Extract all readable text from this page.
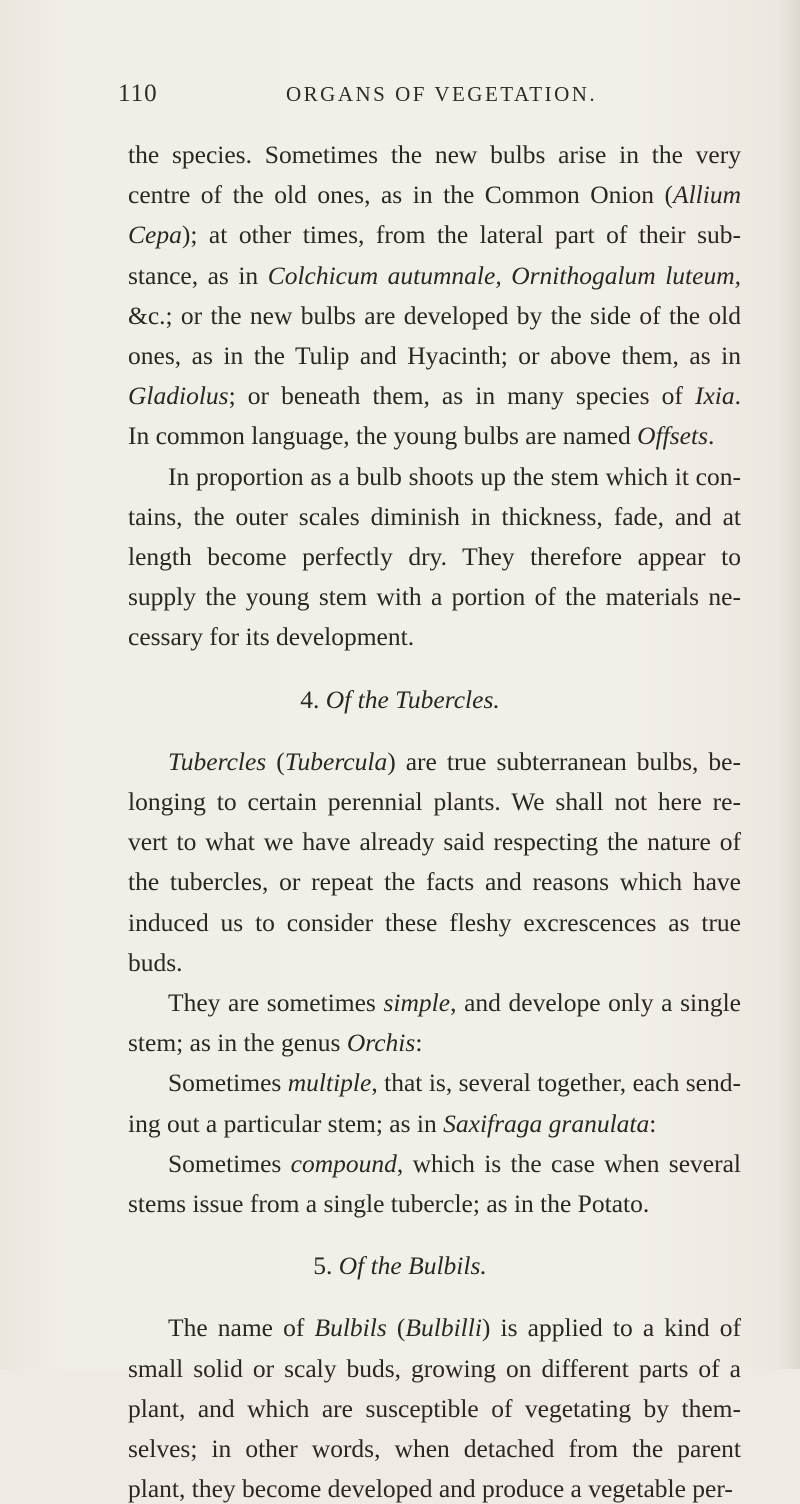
110	ORGANS OF VEGETATION.
the species. Sometimes the new bulbs arise in the very
centre of the old ones, as in the Common Onion (Allium
Cepa); at other times, from the lateral part of their sub-
stance, as in Colchicum autumnale, Ornithogalum luteum,
&c.; or the new bulbs are developed by the side of the old
ones, as in the Tulip and Hyacinth; or above them, as in
Gladiolus; or beneath them, as in many species of Ixia.
In common language, the young bulbs are named Offsets.
In proportion as a bulb shoots up the stem which it con-
tains, the outer scales diminish in thickness, fade, and at
length become perfectly dry. They therefore appear to
supply the young stem with a portion of the materials ne-
cessary for its development.
4. Of the Tubercles.
Tubercles (Tubercula) are true subterranean bulbs, be-
longing to certain perennial plants. We shall not here re-
vert to what we have already said respecting the nature of
the tubercles, or repeat the facts and reasons which have
induced us to consider these fleshy excrescences as true
buds.
They are sometimes simple, and develope only a single
stem; as in the genus Orchis:
Sometimes multiple, that is, several together, each send-
ing out a particular stem; as in Saxifraga granulata:
Sometimes compound, which is the case when several
stems issue from a single tubercle; as in the Potato.
5. Of the Bulbils.
The name of Bulbils (Bulbilli) is applied to a kind of
small solid or scaly buds, growing on different parts of a
plant, and which are susceptible of vegetating by them-
selves; in other words, when detached from the parent
plant, they become developed and produce a vegetable per-
